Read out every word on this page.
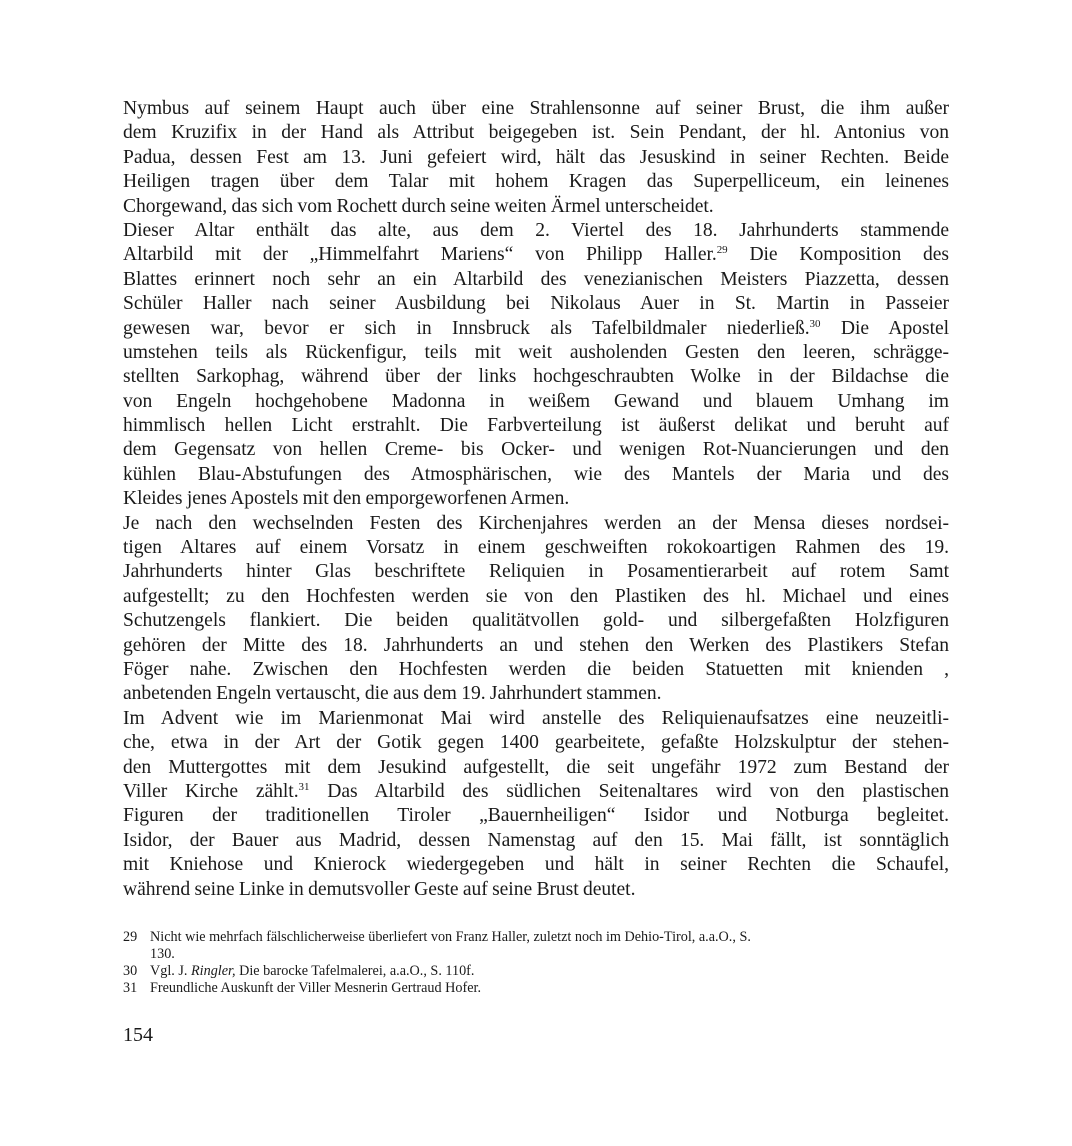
Nymbus auf seinem Haupt auch über eine Strahlensonne auf seiner Brust, die ihm außer
dem Kruzifix in der Hand als Attribut beigegeben ist. Sein Pendant, der hl. Antonius von
Padua, dessen Fest am 13. Juni gefeiert wird, hält das Jesuskind in seiner Rechten. Beide
Heiligen tragen über dem Talar mit hohem Kragen das Superpelliceum, ein leinenes
Chorgewand, das sich vom Rochett durch seine weiten Ärmel unterscheidet.
Dieser Altar enthält das alte, aus dem 2. Viertel des 18. Jahrhunderts stammende
Altarbild mit der „Himmelfahrt Mariens“ von Philipp Haller.$^{29}$ Die Komposition des
Blattes erinnert noch sehr an ein Altarbild des venezianischen Meisters Piazzetta, dessen
Schüler Haller nach seiner Ausbildung bei Nikolaus Auer in St. Martin in Passeier
gewesen war, bevor er sich in Innsbruck als Tafelbildmaler niederließ.$^{30}$ Die Apostel
umstehen teils als Rückenfigur, teils mit weit ausholenden Gesten den leeren, schrägge-
stellten Sarkophag, während über der links hochgeschraubten Wolke in der Bildachse die
von Engeln hochgehobene Madonna in weißem Gewand und blauem Umhang im
himmlisch hellen Licht erstrahlt. Die Farbverteilung ist äußerst delikat und beruht auf
dem Gegensatz von hellen Creme- bis Ocker- und wenigen Rot-Nuancierungen und den
kühlen Blau-Abstufungen des Atmosphärischen, wie des Mantels der Maria und des
Kleides jenes Apostels mit den emporgeworfenen Armen.
Je nach den wechselnden Festen des Kirchenjahres werden an der Mensa dieses nordsei-
tigen Altares auf einem Vorsatz in einem geschweiften rokokoartigen Rahmen des 19.
Jahrhunderts hinter Glas beschriftete Reliquien in Posamentierarbeit auf rotem Samt
aufgestellt; zu den Hochfesten werden sie von den Plastiken des hl. Michael und eines
Schutzengels flankiert. Die beiden qualitätvollen gold- und silbergefaßten Holzfiguren
gehören der Mitte des 18. Jahrhunderts an und stehen den Werken des Plastikers Stefan
Föger nahe. Zwischen den Hochfesten werden die beiden Statuetten mit knienden ,
anbetenden Engeln vertauscht, die aus dem 19. Jahrhundert stammen.
Im Advent wie im Marienmonat Mai wird anstelle des Reliquienaufsatzes eine neuzeitli-
che, etwa in der Art der Gotik gegen 1400 gearbeitete, gefaßte Holzskulptur der stehen-
den Muttergottes mit dem Jesukind aufgestellt, die seit ungefähr 1972 zum Bestand der
Viller Kirche zählt.$^{31}$ Das Altarbild des südlichen Seitenaltares wird von den plastischen
Figuren der traditionellen Tiroler „Bauernheiligen“ Isidor und Notburga begleitet.
Isidor, der Bauer aus Madrid, dessen Namenstag auf den 15. Mai fällt, ist sonntäglich
mit Kniehose und Knierock wiedergegeben und hält in seiner Rechten die Schaufel,
während seine Linke in demutsvoller Geste auf seine Brust deutet.
29 Nicht wie mehrfach fälschlicherweise überliefert von Franz Haller, zuletzt noch im Dehio-Tirol, a.a.O., S.
130.
30 Vgl. J. Ringler, Die barocke Tafelmalerei, a.a.O., S. 110f.
31 Freundliche Auskunft der Viller Mesnerin Gertraud Hofer.
154
